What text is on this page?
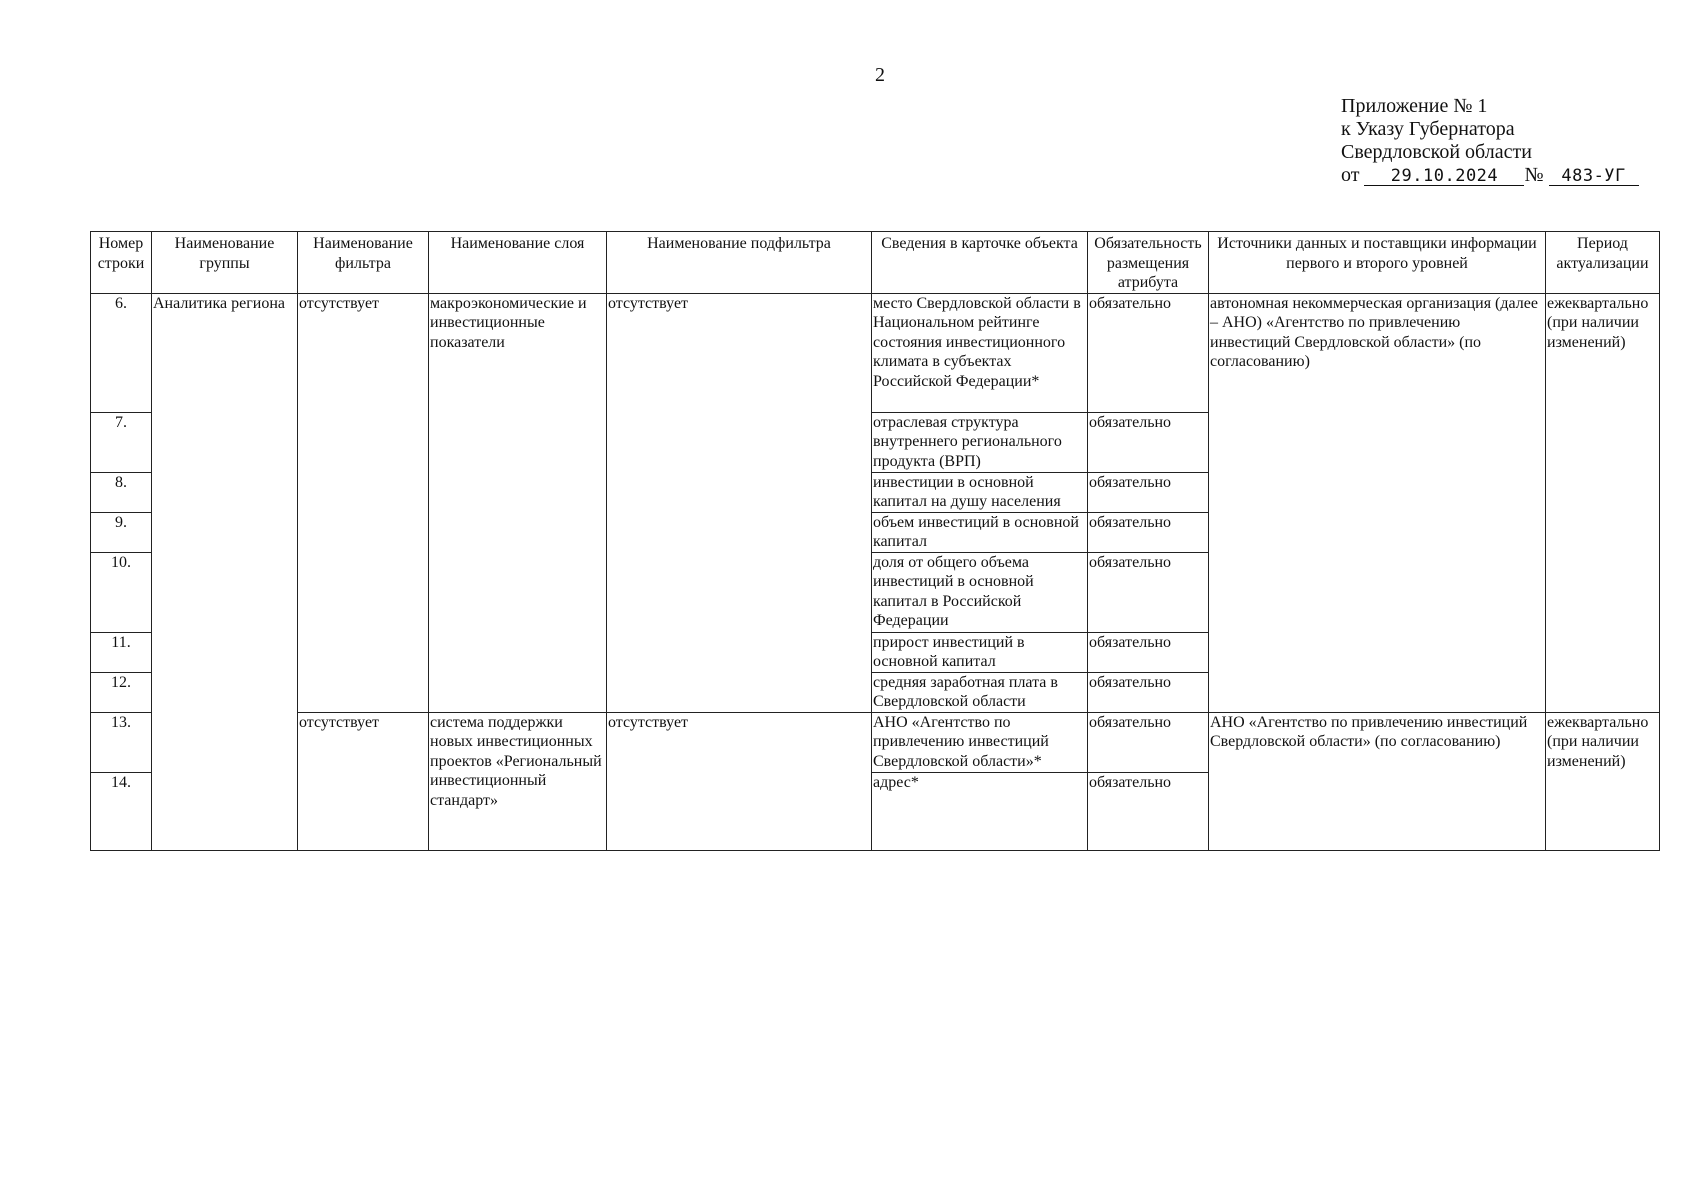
2
Приложение № 1
к Указу Губернатора
Свердловской области
от 29.10.2024 № 483-УГ
Номер строки	Наименование группы	Наименование фильтра	Наименование слоя	Наименование подфильтра	Сведения в карточке объекта	Обязательность размещения атрибута	Источники данных и поставщики информации первого и второго уровней	Период актуализации
6.	Аналитика региона	отсутствует	макроэкономические и инвестиционные показатели	отсутствует	место Свердловской области в Национальном рейтинге состояния инвестиционного климата в субъектах Российской Федерации*	обязательно	автономная некоммерческая организация (далее – АНО) «Агентство по привлечению инвестиций Свердловской области» (по согласованию)	ежеквартально (при наличии изменений)
7.					отраслевая структура внутреннего регионального продукта (ВРП)	обязательно		
8.					инвестиции в основной капитал на душу населения	обязательно		
9.					объем инвестиций в основной капитал	обязательно		
10.					доля от общего объема инвестиций в основной капитал в Российской Федерации	обязательно		
11.					прирост инвестиций в основной капитал	обязательно		
12.					средняя заработная плата в Свердловской области	обязательно		
13.		отсутствует	система поддержки новых инвестиционных проектов «Региональный инвестиционный стандарт»	отсутствует	АНО «Агентство по привлечению инвестиций Свердловской области»*	обязательно	АНО «Агентство по привлечению инвестиций Свердловской области» (по согласованию)	ежеквартально (при наличии изменений)
14.					адрес*	обязательно		
